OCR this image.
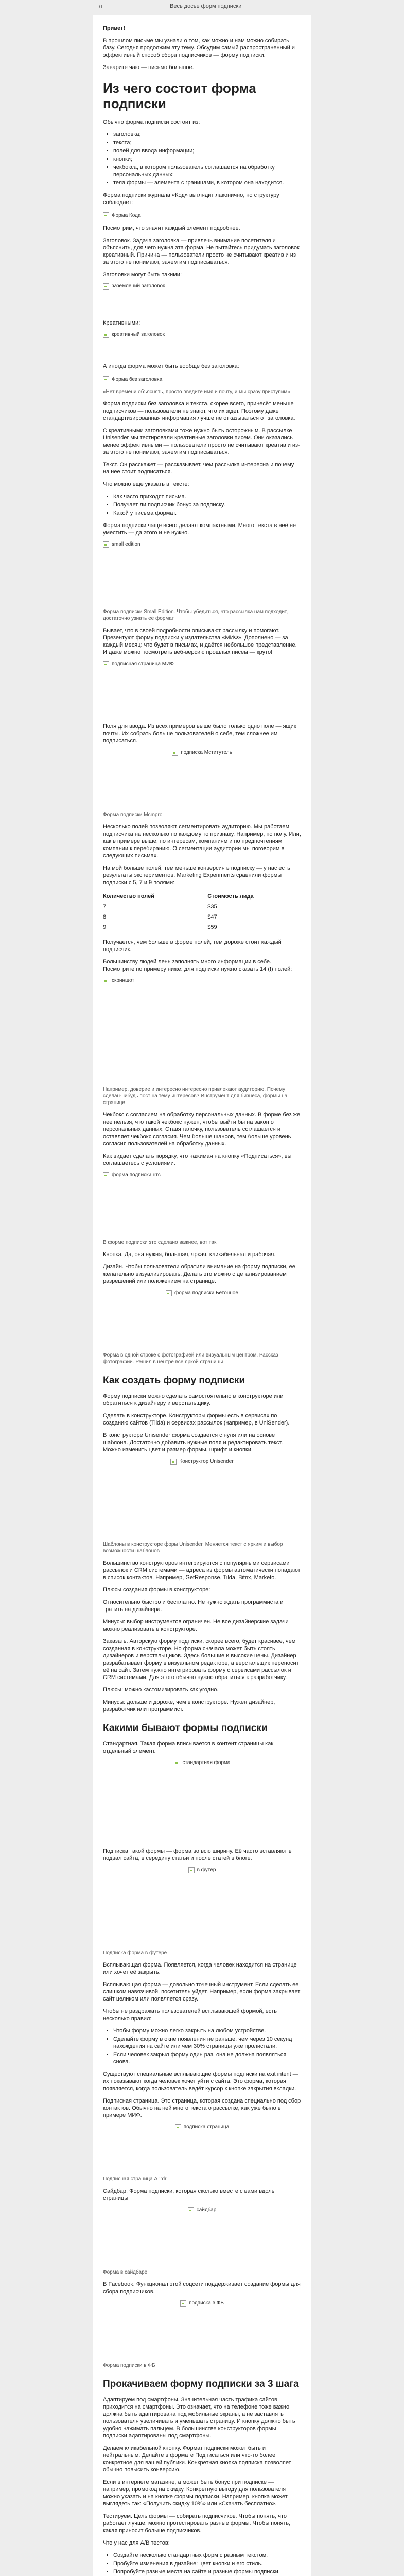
л	Весь досье форм подписки

Привет!

В прошлом письме мы узнали о том, как можно и нам можно собирать базу. Сегодня продолжим эту тему. Обсудим самый распространенный и эффективный способ сбора подписчиков — форму подписки.

Заварите чаю — письмо большое.

Из чего состоит форма подписки

Обычно форма подписки состоит из:

• заголовка;
• текста;
• полей для ввода информации;
• кнопки;
• чекбокса, в котором пользователь соглашается на обработку персональных данных;
• тела формы — элемента с границами, в котором она находится.

Форма подписки журнала «Код» выглядит лаконично, но структуру соблюдает:

Форма Кода

Посмотрим, что значит каждый элемент подробнее.

Заголовок. Задача заголовка — привлечь внимание посетителя и объяснить, для чего нужна эта форма. Не пытайтесь придумать заголовок креативный. Причина — пользователи просто не считывают креатив и из за этого не понимают, зачем им подписываться.

Заголовки могут быть такими:

заземлений заголовок

Креативными:

креативный заголовок

А иногда форма может быть вообще без заголовка:

Форма без заголовка

«Нет времени объяснять, просто введите имя и почту, и мы сразу приступим»

Форма подписки без заголовка и текста, скорее всего, принесёт меньше подписчиков — пользователи не знают, что их ждет. Поэтому даже стандартизированная информация лучше не отказываться от заголовка.

С креативными заголовками тоже нужно быть осторожным. В рассылке Unisender мы тестировали креативные заголовки писем. Они оказались менее эффективными — пользователи просто не считывают креатив и из-за этого не понимают, зачем им подписываться.

Текст. Он расскажет — рассказывает, чем рассылка интересна и почему на нее стоит подписаться.

Что можно еще указать в тексте:

• Как часто приходят письма.
• Получает ли подписчик бонус за подписку.
• Какой у письма формат.

Форма подписки чаще всего делают компактными. Много текста в неё не уместить — да этого и не нужно.

small edition

Форма подписки Small Edition. Чтобы убедиться, что рассылка нам подходит, достаточно узнать её формат

Бывает, что в своей подробности описывают рассылку и помогают. Презентуют форму подписки у издательства «МИФ». Дополнено — за каждый месяц: что будет в письмах, и даётся небольшое представление. И даже можно посмотреть веб-версию прошлых писем — круто!

подписная страница МИФ

Поля для ввода. Из всех примеров выше было только одно поле — ящик почты. Их собрать больше пользователей о себе, тем сложнее им подписаться.

подписка Мститутель

Форма подписки Mcmpro

Несколько полей позволяют сегментировать аудиторию. Мы работаем подписчика на несколько по каждому то признаку. Например, по полу. Или, как в примере выше, по интересам, компаниям и по предпочтениям компании к перебиранию. О сегментации аудитории мы поговорим в следующих письмах.

На мой больше полей, тем меньше конверсия в подписку — у нас есть результаты экспериментов. Marketing Experiments сравнили формы подписки с 5, 7 и 9 полями:

Количество полей	Стоимость лида
7	$35
8	$47
9	$59

Получается, чем больше в форме полей, тем дороже стоит каждый подписчик.

Большинству людей лень заполнять много информации в себе. Посмотрите по примеру ниже: для подписки нужно сказать 14 (!) полей:

скриншот

Например, доверие и интересно интересно привлекают аудиторию. Почему сделан-нибудь пост на тему интересов? Инструмент для бизнеса, формы на странице

Чекбокс с согласием на обработку персональных данных. В форме без же нее нельзя, что такой чекбокс нужен, чтобы выйти бы на закон о персональных данных. Ставя галочку, пользователь соглашается и оставляет чекбокс согласия. Чем больше шансов, тем больше уровень согласия пользователей на обработку данных.

Как видает сделать порядку, что нажимая на кнопку «Подписаться», вы соглашаетесь с условиями.

форма подписки нтс

В форме подписки это сделано важнее, вот так

Кнопка. Да, она нужна, большая, яркая, кликабельная и рабочая.

Дизайн. Чтобы пользователи обратили внимание на форму подписки, ее желательно визуализировать. Делать это можно с детализированием разрешений или положением на странице.

форма подписки Бетонное

Форма в одной строке с фотографией или визуальным центром. Рассказ фотографии. Решил в центре все яркой страницы

Как создать форму подписки

Форму подписки можно сделать самостоятельно в конструкторе или обратиться к дизайнеру и верстальщику.

Сделать в конструкторе. Конструкторы формы есть в сервисах по созданию сайтов (Tilda) и сервисах рассылок (например, в UniSender).

В конструкторе Unisender форма создается с нуля или на основе шаблона. Достаточно добавить нужные поля и редактировать текст. Можно изменить цвет и размер формы, шрифт и кнопки.

Конструктор Unisender

Шаблоны в конструкторе форм Unisender. Меняется текст с ярким и выбор возможности шаблонов

Большинство конструкторов интегрируются с популярными сервисами рассылок и CRM системами — адреса из формы автоматически попадают в список контактов. Например, GetResponse, Tilda, Bitrix, Marketo.

Плюсы создания формы в конструкторе:

Относительно быстро и бесплатно. Не нужно ждать программиста и тратить на дизайнера.

Минусы: выбор инструментов ограничен. Не все дизайнерские задачи можно реализовать в конструкторе.

Заказать. Авторскую форму подписки, скорее всего, будет красивее, чем созданная в конструкторе. Но форма сначала может быть стоять дизайнеров и верстальщиков. Здесь большие и высокие цены. Дизайнер разрабатывает форму в визуальном редакторе, а верстальщик переносит её на сайт. Затем нужно интегрировать форму с сервисами рассылок и CRM системами. Для этого обычно нужно обратиться к разработчику.

Плюсы: можно кастомизировать как угодно.

Минусы: дольше и дороже, чем в конструкторе. Нужен дизайнер, разработчик или программист.

Какими бывают формы подписки

Стандартная. Такая форма вписывается в контент страницы как отдельный элемент.

стандартная форма

Подписка такой формы — форма во всю ширину. Её часто вставляют в подвал сайта, в середину статьи и после статей в блоге.

в футер

Подписка форма в футере

Всплывающая форма. Появляется, когда человек находится на странице или хочет её закрыть.

Всплывающая форма — довольно точечный инструмент. Если сделать ее слишком навязчивой, посетитель уйдет. Например, если форма закрывает сайт целиком или появляется сразу.

Чтобы не раздражать пользователей всплывающей формой, есть несколько правил:

• Чтобы форму можно легко закрыть на любом устройстве.
• Сделайте форму в окне появления не раньше, чем через 10 секунд нахождения на сайте или чем 30% страницы уже пролистали.
• Если человек закрыл форму один раз, она не должна появляться снова.

Существуют специальные всплывающие формы подписки на exit intent — их показывают когда человек хочет уйти с сайта. Это форма, которая появляется, когда пользователь ведёт курсор к кнопке закрытия вкладки.

Подписная страница. Это страница, которая создана специально под сбор контактов. Обычно на ней много текста о рассылке, как уже было в примере МИФ.

подписка страница

Подписная страница А ::dr

Сайдбар. Форма подписки, которая сколько вместе с вами вдоль страницы

сайдбар

Форма в сайдбаре

В Facebook. Функционал этой соцсети поддерживает создание формы для сбора подписчиков.

подписка в ФБ

Форма подписки в ФБ

Прокачиваем форму подписки за 3 шага

Адаптируем под смартфоны. Значительная часть трафика сайтов приходится на смартфоны. Это означает, что на телефоне тоже важно должна быть адаптирована под мобильные экраны, а не заставлять пользователя увеличивать и уменьшать страницу. И кнопку должно быть удобно нажимать пальцем. В большинстве конструкторов формы подписки адаптированы под смартфоны.

Делаем кликабельной кнопку. Формат подписки может быть и нейтральным. Делайте в формате Подписаться или что-то более конкретное для вашей публики. Конкретная кнопка подписка позволяет обычно повысить конверсию.

Если в интернете магазине, а может быть бонус при подписке — например, промокод на скидку. Конкретную выгоду для пользователя можно указать и на кнопке формы подписки. Например, кнопка может выглядеть так: «Получить скидку 10%» или «Скачать бесплатно».

Тестируем. Цель формы — собирать подписчиков. Чтобы понять, что работает лучше, можно протестировать разные формы. Чтобы понять, какая приносит больше подписчиков.

Что у нас для A/B тестов:

• Создайте несколько стандартных форм с разным текстом.
• Пробуйте изменения в дизайне: цвет кнопки и его стиль.
• Попробуйте разные места на сайте и разные формы подписки.
